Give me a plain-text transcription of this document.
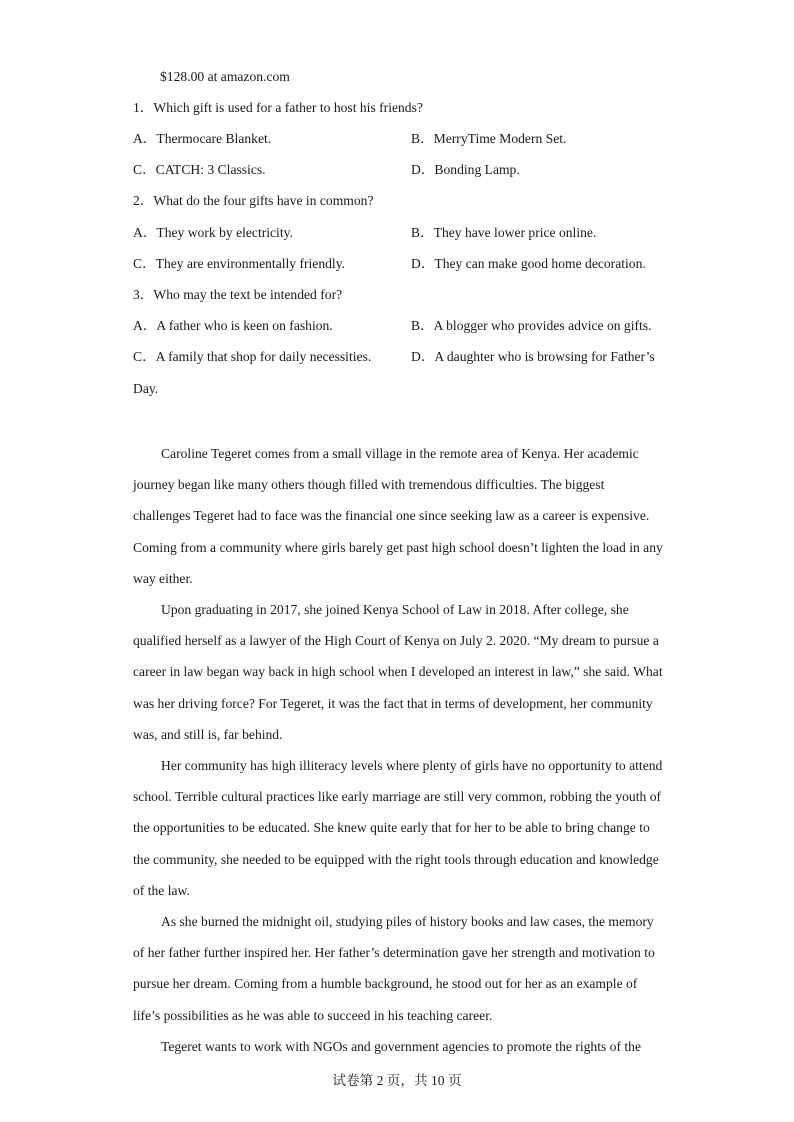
$128.00 at amazon.com
1．Which gift is used for a father to host his friends?
A．Thermocare Blanket.	B．MerryTime Modern Set.
C．CATCH: 3 Classics.	D．Bonding Lamp.
2．What do the four gifts have in common?
A．They work by electricity.	B．They have lower price online.
C．They are environmentally friendly.	D．They can make good home decoration.
3．Who may the text be intended for?
A．A father who is keen on fashion.	B．A blogger who provides advice on gifts.
C．A family that shop for daily necessities.	D．A daughter who is browsing for Father’s
Day.

Caroline Tegeret comes from a small village in the remote area of Kenya. Her academic journey began like many others though filled with tremendous difficulties. The biggest challenges Tegeret had to face was the financial one since seeking law as a career is expensive. Coming from a community where girls barely get past high school doesn’t lighten the load in any way either.

Upon graduating in 2017, she joined Kenya School of Law in 2018. After college, she qualified herself as a lawyer of the High Court of Kenya on July 2. 2020. “My dream to pursue a career in law began way back in high school when I developed an interest in law,” she said. What was her driving force? For Tegeret, it was the fact that in terms of development, her community was, and still is, far behind.

Her community has high illiteracy levels where plenty of girls have no opportunity to attend school. Terrible cultural practices like early marriage are still very common, robbing the youth of the opportunities to be educated. She knew quite early that for her to be able to bring change to the community, she needed to be equipped with the right tools through education and knowledge of the law.

As she burned the midnight oil, studying piles of history books and law cases, the memory of her father further inspired her. Her father’s determination gave her strength and motivation to pursue her dream. Coming from a humble background, he stood out for her as an example of life’s possibilities as he was able to succeed in his teaching career.

Tegeret wants to work with NGOs and government agencies to promote the rights of the

试卷第 2 页，共 10 页
